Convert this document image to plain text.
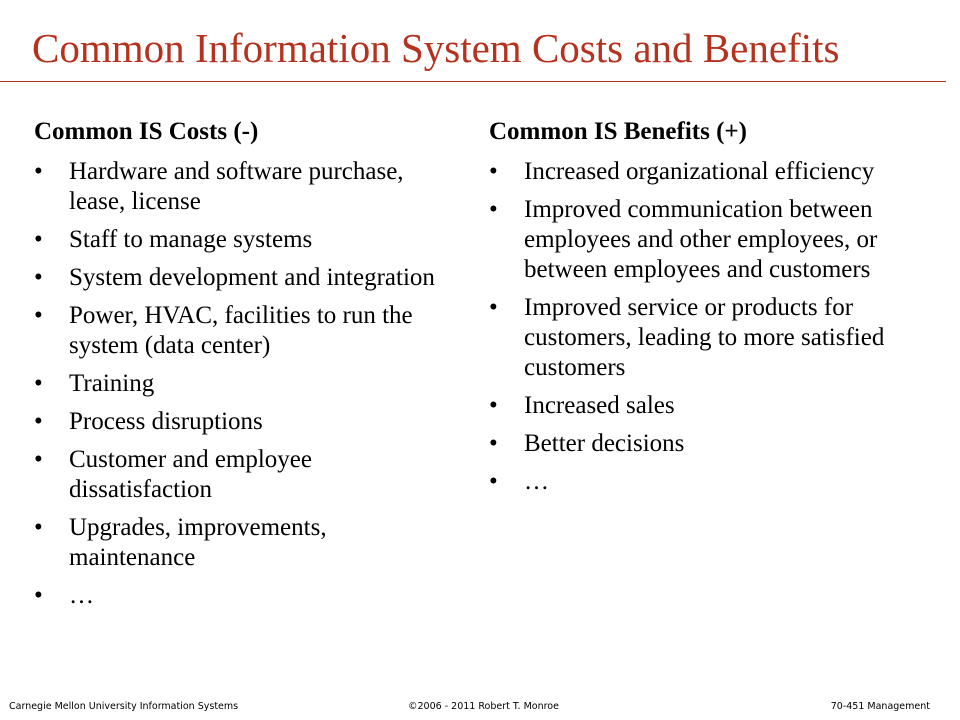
Common Information System Costs and Benefits
Common IS Costs (-)
• Hardware and software purchase, lease, license
• Staff to manage systems
• System development and integration
• Power, HVAC, facilities to run the system (data center)
• Training
• Process disruptions
• Customer and employee dissatisfaction
• Upgrades, improvements, maintenance
• …
Common IS Benefits (+)
• Increased organizational efficiency
• Improved communication between employees and other employees, or between employees and customers
• Improved service or products for customers, leading to more satisfied customers
• Increased sales
• Better decisions
• …
Carnegie Mellon University Information Systems	©2006 - 2011 Robert T. Monroe	70-451 Management
